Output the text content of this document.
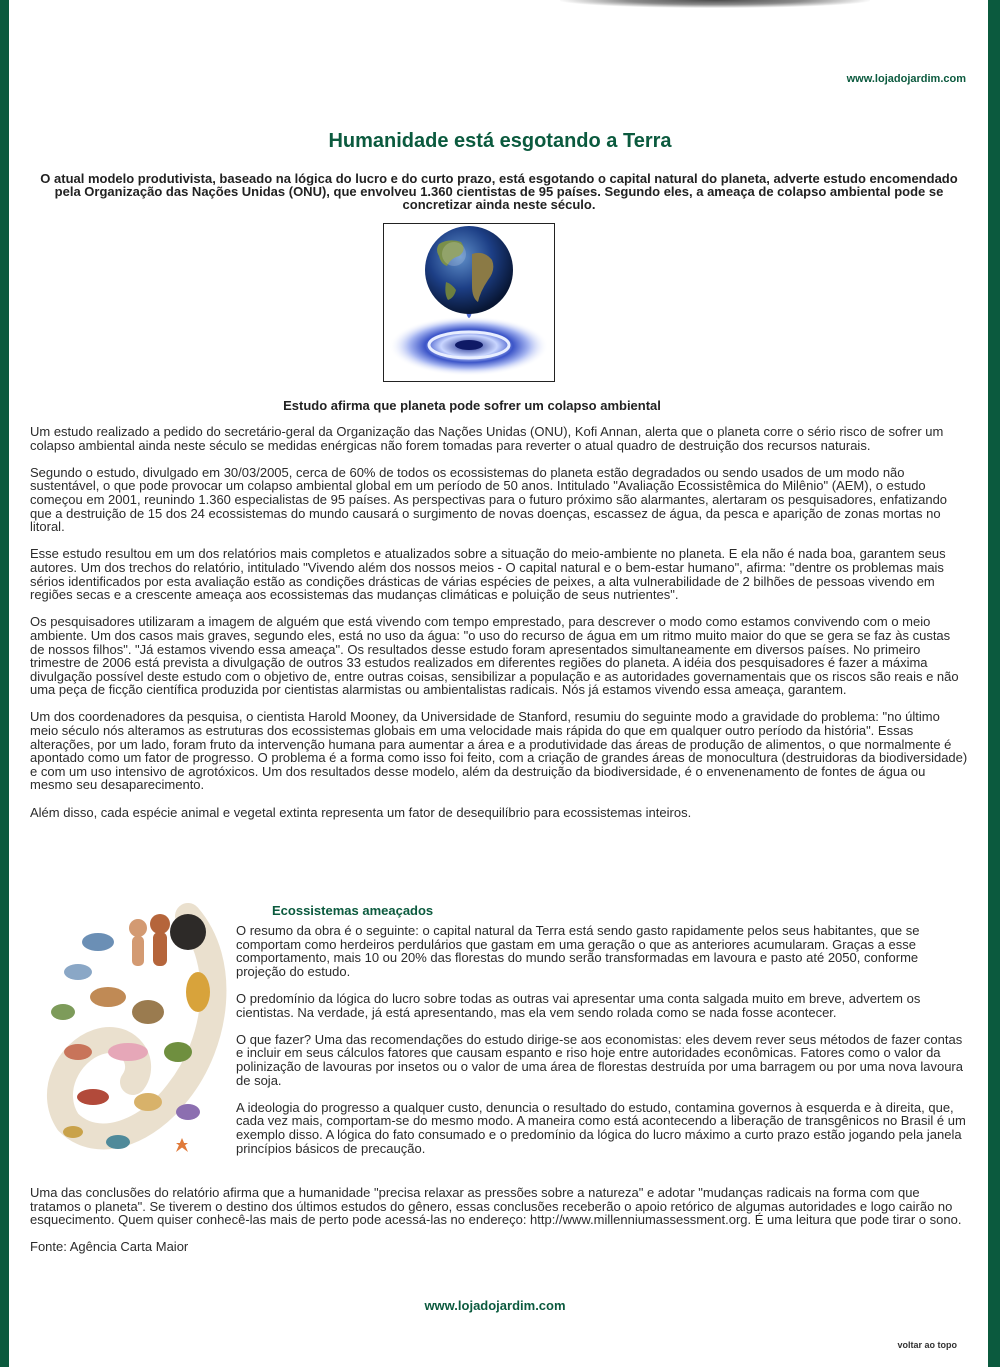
www.lojadojardim.com
Humanidade está esgotando a Terra

O atual modelo produtivista, baseado na lógica do lucro e do curto prazo, está esgotando o capital natural do planeta, adverte estudo encomendado pela Organização das Nações Unidas (ONU), que envolveu 1.360 cientistas de 95 países. Segundo eles, a ameaça de colapso ambiental pode se concretizar ainda neste século.

Estudo afirma que planeta pode sofrer um colapso ambiental

Um estudo realizado a pedido do secretário-geral da Organização das Nações Unidas (ONU), Kofi Annan, alerta que o planeta corre o sério risco de sofrer um colapso ambiental ainda neste século se medidas enérgicas não forem tomadas para reverter o atual quadro de destruição dos recursos naturais.

Segundo o estudo, divulgado em 30/03/2005, cerca de 60% de todos os ecossistemas do planeta estão degradados ou sendo usados de um modo não sustentável, o que pode provocar um colapso ambiental global em um período de 50 anos. Intitulado "Avaliação Ecossistêmica do Milênio" (AEM), o estudo começou em 2001, reunindo 1.360 especialistas de 95 países. As perspectivas para o futuro próximo são alarmantes, alertaram os pesquisadores, enfatizando que a destruição de 15 dos 24 ecossistemas do mundo causará o surgimento de novas doenças, escassez de água, da pesca e aparição de zonas mortas no litoral.

Esse estudo resultou em um dos relatórios mais completos e atualizados sobre a situação do meio-ambiente no planeta. E ela não é nada boa, garantem seus autores. Um dos trechos do relatório, intitulado "Vivendo além dos nossos meios - O capital natural e o bem-estar humano", afirma: "dentre os problemas mais sérios identificados por esta avaliação estão as condições drásticas de várias espécies de peixes, a alta vulnerabilidade de 2 bilhões de pessoas vivendo em regiões secas e a crescente ameaça aos ecossistemas das mudanças climáticas e poluição de seus nutrientes".

Os pesquisadores utilizaram a imagem de alguém que está vivendo com tempo emprestado, para descrever o modo como estamos convivendo com o meio ambiente. Um dos casos mais graves, segundo eles, está no uso da água: "o uso do recurso de água em um ritmo muito maior do que se gera se faz às custas de nossos filhos". "Já estamos vivendo essa ameaça". Os resultados desse estudo foram apresentados simultaneamente em diversos países. No primeiro trimestre de 2006 está prevista a divulgação de outros 33 estudos realizados em diferentes regiões do planeta. A idéia dos pesquisadores é fazer a máxima divulgação possível deste estudo com o objetivo de, entre outras coisas, sensibilizar a população e as autoridades governamentais que os riscos são reais e não uma peça de ficção científica produzida por cientistas alarmistas ou ambientalistas radicais. Nós já estamos vivendo essa ameaça, garantem.

Um dos coordenadores da pesquisa, o cientista Harold Mooney, da Universidade de Stanford, resumiu do seguinte modo a gravidade do problema: "no último meio século nós alteramos as estruturas dos ecossistemas globais em uma velocidade mais rápida do que em qualquer outro período da história". Essas alterações, por um lado, foram fruto da intervenção humana para aumentar a área e a produtividade das áreas de produção de alimentos, o que normalmente é apontado como um fator de progresso. O problema é a forma como isso foi feito, com a criação de grandes áreas de monocultura (destruidoras da biodiversidade) e com um uso intensivo de agrotóxicos. Um dos resultados desse modelo, além da destruição da biodiversidade, é o envenenamento de fontes de água ou mesmo seu desaparecimento.

Além disso, cada espécie animal e vegetal extinta representa um fator de desequilíbrio para ecossistemas inteiros.

Ecossistemas ameaçados

O resumo da obra é o seguinte: o capital natural da Terra está sendo gasto rapidamente pelos seus habitantes, que se comportam como herdeiros perdulários que gastam em uma geração o que as anteriores acumularam. Graças a esse comportamento, mais 10 ou 20% das florestas do mundo serão transformadas em lavoura e pasto até 2050, conforme projeção do estudo.

O predomínio da lógica do lucro sobre todas as outras vai apresentar uma conta salgada muito em breve, advertem os cientistas. Na verdade, já está apresentando, mas ela vem sendo rolada como se nada fosse acontecer.

O que fazer? Uma das recomendações do estudo dirige-se aos economistas: eles devem rever seus métodos de fazer contas e incluir em seus cálculos fatores que causam espanto e riso hoje entre autoridades econômicas. Fatores como o valor da polinização de lavouras por insetos ou o valor de uma área de florestas destruída por uma barragem ou por uma nova lavoura de soja.

A ideologia do progresso a qualquer custo, denuncia o resultado do estudo, contamina governos à esquerda e à direita, que, cada vez mais, comportam-se do mesmo modo. A maneira como está acontecendo a liberação de transgênicos no Brasil é um exemplo disso. A lógica do fato consumado e o predomínio da lógica do lucro máximo a curto prazo estão jogando pela janela princípios básicos de precaução.

Uma das conclusões do relatório afirma que a humanidade "precisa relaxar as pressões sobre a natureza" e adotar "mudanças radicais na forma com que tratamos o planeta". Se tiverem o destino dos últimos estudos do gênero, essas conclusões receberão o apoio retórico de algumas autoridades e logo cairão no esquecimento. Quem quiser conhecê-las mais de perto pode acessá-las no endereço: http://www.millenniumassessment.org. É uma leitura que pode tirar o sono.

Fonte: Agência Carta Maior

www.lojadojardim.com
voltar ao topo
